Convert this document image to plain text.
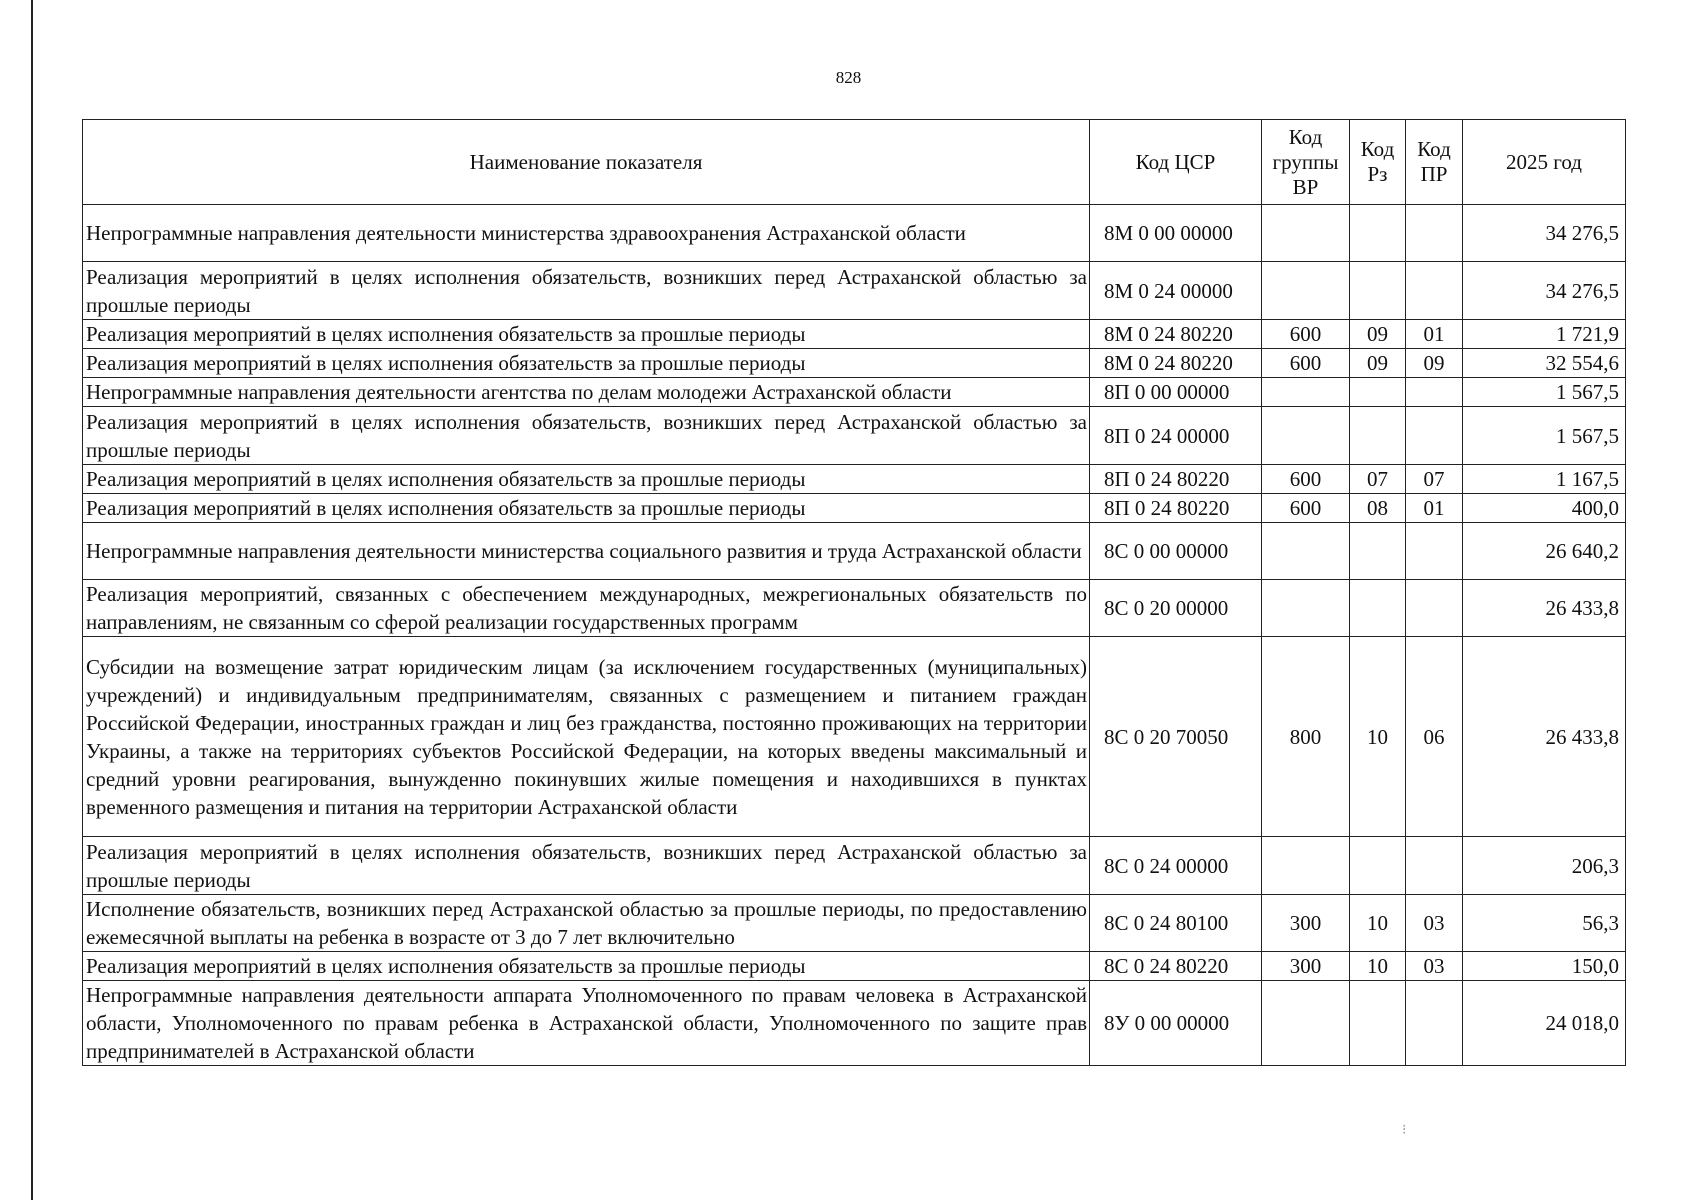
828
Наименование показателя	Код ЦСР	Код группы ВР	Код Рз	Код ПР	2025 год
Непрограммные направления деятельности министерства здравоохранения Астраханской области	8М 0 00 00000				34 276,5
Реализация мероприятий в целях исполнения обязательств, возникших перед Астраханской областью за прошлые периоды	8М 0 24 00000				34 276,5
Реализация мероприятий в целях исполнения обязательств за прошлые периоды	8М 0 24 80220	600	09	01	1 721,9
Реализация мероприятий в целях исполнения обязательств за прошлые периоды	8М 0 24 80220	600	09	09	32 554,6
Непрограммные направления деятельности агентства по делам молодежи Астраханской области	8П 0 00 00000				1 567,5
Реализация мероприятий в целях исполнения обязательств, возникших перед Астраханской областью за прошлые периоды	8П 0 24 00000				1 567,5
Реализация мероприятий в целях исполнения обязательств за прошлые периоды	8П 0 24 80220	600	07	07	1 167,5
Реализация мероприятий в целях исполнения обязательств за прошлые периоды	8П 0 24 80220	600	08	01	400,0
Непрограммные направления деятельности министерства социального развития и труда Астраханской области	8С 0 00 00000				26 640,2
Реализация мероприятий, связанных с обеспечением международных, межрегиональных обязательств по направлениям, не связанным со сферой реализации государственных программ	8С 0 20 00000				26 433,8
Субсидии на возмещение затрат юридическим лицам (за исключением государственных (муниципальных) учреждений) и индивидуальным предпринимателям, связанных с размещением и питанием граждан Российской Федерации, иностранных граждан и лиц без гражданства, постоянно проживающих на территории Украины, а также на территориях субъектов Российской Федерации, на которых введены максимальный и средний уровни реагирования, вынужденно покинувших жилые помещения и находившихся в пунктах временного размещения и питания на территории Астраханской области	8С 0 20 70050	800	10	06	26 433,8
Реализация мероприятий в целях исполнения обязательств, возникших перед Астраханской областью за прошлые периоды	8С 0 24 00000				206,3
Исполнение обязательств, возникших перед Астраханской областью за прошлые периоды, по предоставлению ежемесячной выплаты на ребенка в возрасте от 3 до 7 лет включительно	8С 0 24 80100	300	10	03	56,3
Реализация мероприятий в целях исполнения обязательств за прошлые периоды	8С 0 24 80220	300	10	03	150,0
Непрограммные направления деятельности аппарата Уполномоченного по правам человека в Астраханской области, Уполномоченного по правам ребенка в Астраханской области, Уполномоченного по защите прав предпринимателей в Астраханской области	8У 0 00 00000				24 018,0
⁝
